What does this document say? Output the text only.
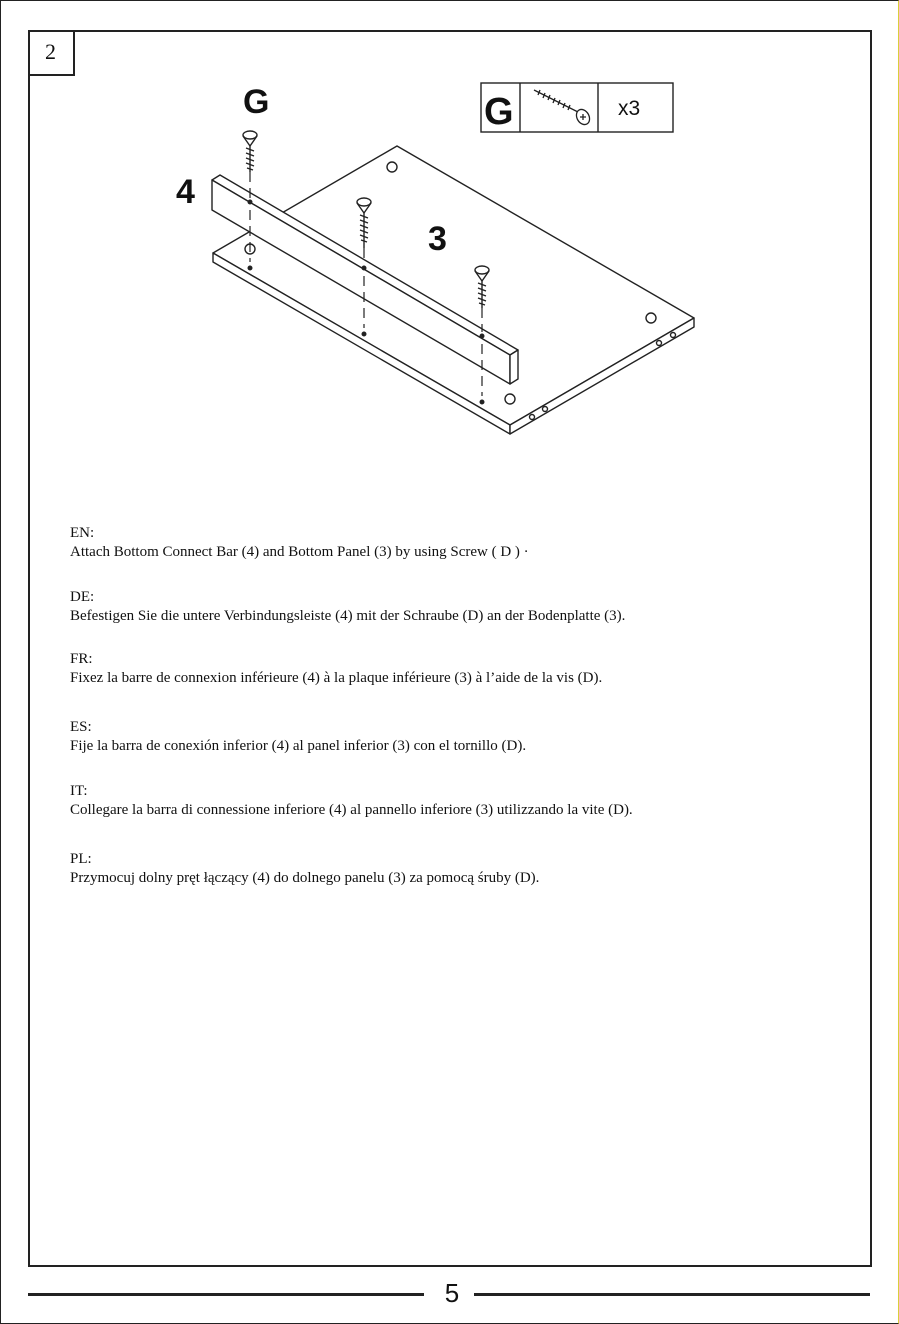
2
G
4
3
G	x3
EN:
Attach Bottom Connect Bar (4) and Bottom Panel (3) by using Screw ( D ) ·
DE:
Befestigen Sie die untere Verbindungsleiste (4) mit der Schraube (D) an der Bodenplatte (3).
FR:
Fixez la barre de connexion inférieure (4) à la plaque inférieure (3) à l’aide de la vis (D).
ES:
Fije la barra de conexión inferior (4) al panel inferior (3) con el tornillo (D).
IT:
Collegare la barra di connessione inferiore (4) al pannello inferiore (3) utilizzando la vite (D).
PL:
Przymocuj dolny pręt łączący (4) do dolnego panelu (3) za pomocą śruby (D).
5
